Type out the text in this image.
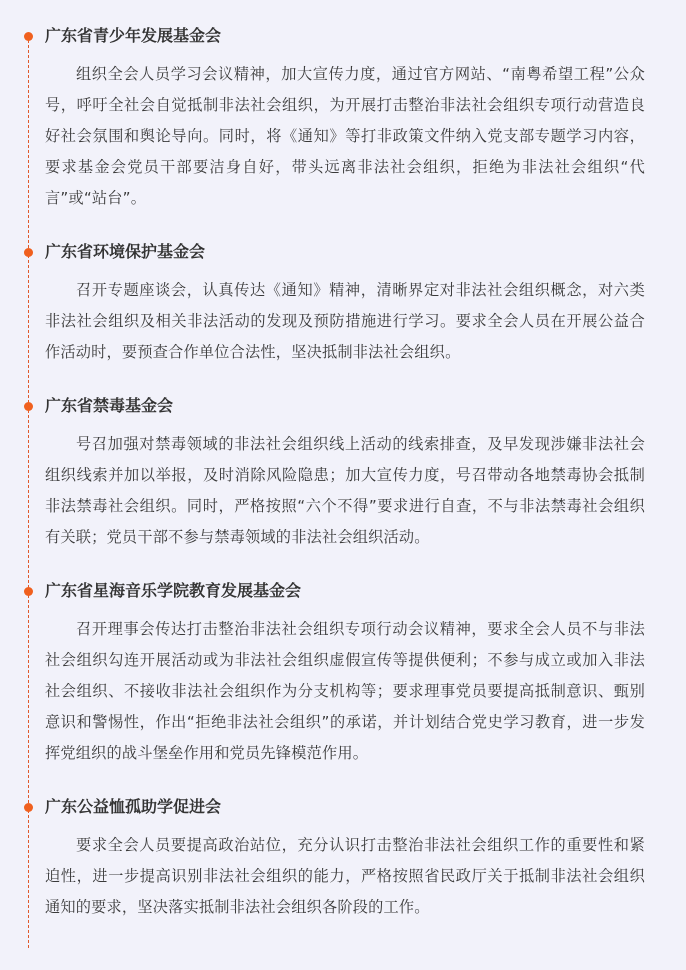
广东省青少年发展基金会

组织全会人员学习会议精神，加大宣传力度，通过官方网站、“南粤希望工程”公众号，呼吁全社会自觉抵制非法社会组织，为开展打击整治非法社会组织专项行动营造良好社会氛围和舆论导向。同时，将《通知》等打非政策文件纳入党支部专题学习内容，要求基金会党员干部要洁身自好，带头远离非法社会组织，拒绝为非法社会组织“代言”或“站台”。

广东省环境保护基金会

召开专题座谈会，认真传达《通知》精神，清晰界定对非法社会组织概念，对六类非法社会组织及相关非法活动的发现及预防措施进行学习。要求全会人员在开展公益合作活动时，要预查合作单位合法性，坚决抵制非法社会组织。

广东省禁毒基金会

号召加强对禁毒领域的非法社会组织线上活动的线索排查，及早发现涉嫌非法社会组织线索并加以举报，及时消除风险隐患；加大宣传力度，号召带动各地禁毒协会抵制非法禁毒社会组织。同时，严格按照“六个不得”要求进行自查，不与非法禁毒社会组织有关联；党员干部不参与禁毒领域的非法社会组织活动。

广东省星海音乐学院教育发展基金会

召开理事会传达打击整治非法社会组织专项行动会议精神，要求全会人员不与非法社会组织勾连开展活动或为非法社会组织虚假宣传等提供便利；不参与成立或加入非法社会组织、不接收非法社会组织作为分支机构等；要求理事党员要提高抵制意识、甄别意识和警惕性，作出“拒绝非法社会组织”的承诺，并计划结合党史学习教育，进一步发挥党组织的战斗堡垒作用和党员先锋模范作用。

广东公益恤孤助学促进会

要求全会人员要提高政治站位，充分认识打击整治非法社会组织工作的重要性和紧迫性，进一步提高识别非法社会组织的能力，严格按照省民政厅关于抵制非法社会组织通知的要求，坚决落实抵制非法社会组织各阶段的工作。
